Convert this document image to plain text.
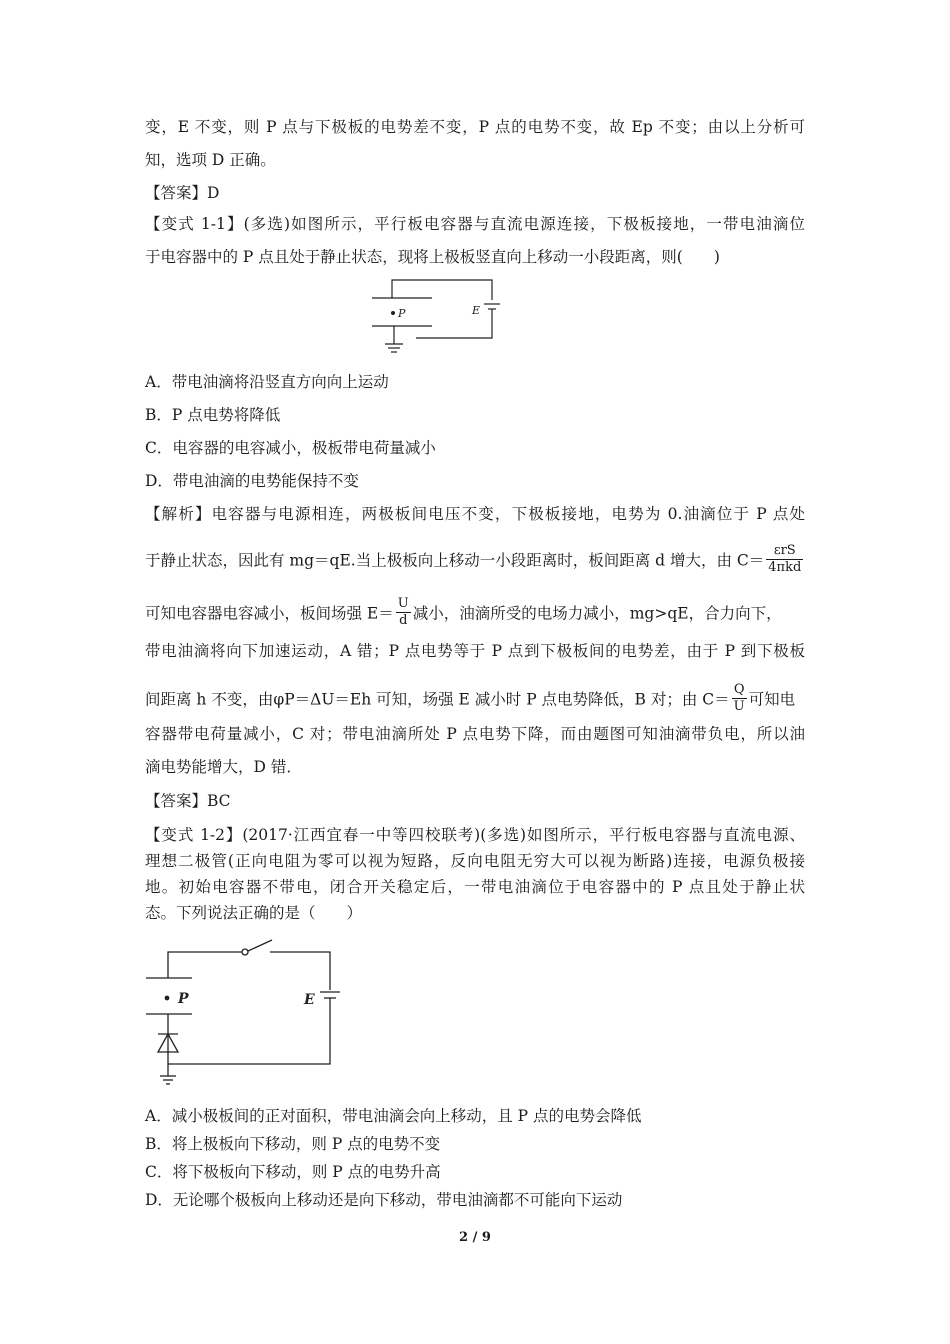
变，E 不变，则 P 点与下极板的电势差不变，P 点的电势不变，故 Ep 不变；由以上分析可
知，选项 D 正确。
【答案】D
【变式 1-1】(多选)如图所示，平行板电容器与直流电源连接，下极板接地，一带电油滴位
于电容器中的 P 点且处于静止状态，现将上极板竖直向上移动一小段距离，则(　　)
P	E
A．带电油滴将沿竖直方向向上运动
B．P 点电势将降低
C．电容器的电容减小，极板带电荷量减小
D．带电油滴的电势能保持不变
【解析】电容器与电源相连，两极板间电压不变，下极板接地，电势为 0.油滴位于 P 点处
于静止状态，因此有 mg＝qE.当上极板向上移动一小段距离时，板间距离 d 增大，由 $C= \frac{\text{εrS}}{\text{4πkd}}$
可知电容器电容减小，板间场强 $E= \frac{U}{d}$ 减小，油滴所受的电场力减小，mg>qE，合力向下，
带电油滴将向下加速运动，A 错；P 点电势等于 P 点到下极板间的电势差，由于 P 到下极板
间距离 h 不变，由φP＝ΔU＝Eh 可知，场强 E 减小时 P 点电势降低，B 对；由 $C= \frac{Q}{U}$ 可知电
容器带电荷量减小，C 对；带电油滴所处 P 点电势下降，而由题图可知油滴带负电，所以油
滴电势能增大，D 错．
【答案】BC
【变式 1-2】(2017·江西宜春一中等四校联考)(多选)如图所示，平行板电容器与直流电源、
理想二极管(正向电阻为零可以视为短路，反向电阻无穷大可以视为断路)连接，电源负极接
地。初始电容器不带电，闭合开关稳定后，一带电油滴位于电容器中的 P 点且处于静止状
态。下列说法正确的是（　　）
P	E
A．减小极板间的正对面积，带电油滴会向上移动，且 P 点的电势会降低
B．将上极板向下移动，则 P 点的电势不变
C．将下极板向下移动，则 P 点的电势升高
D．无论哪个极板向上移动还是向下移动，带电油滴都不可能向下运动
2 / 9
